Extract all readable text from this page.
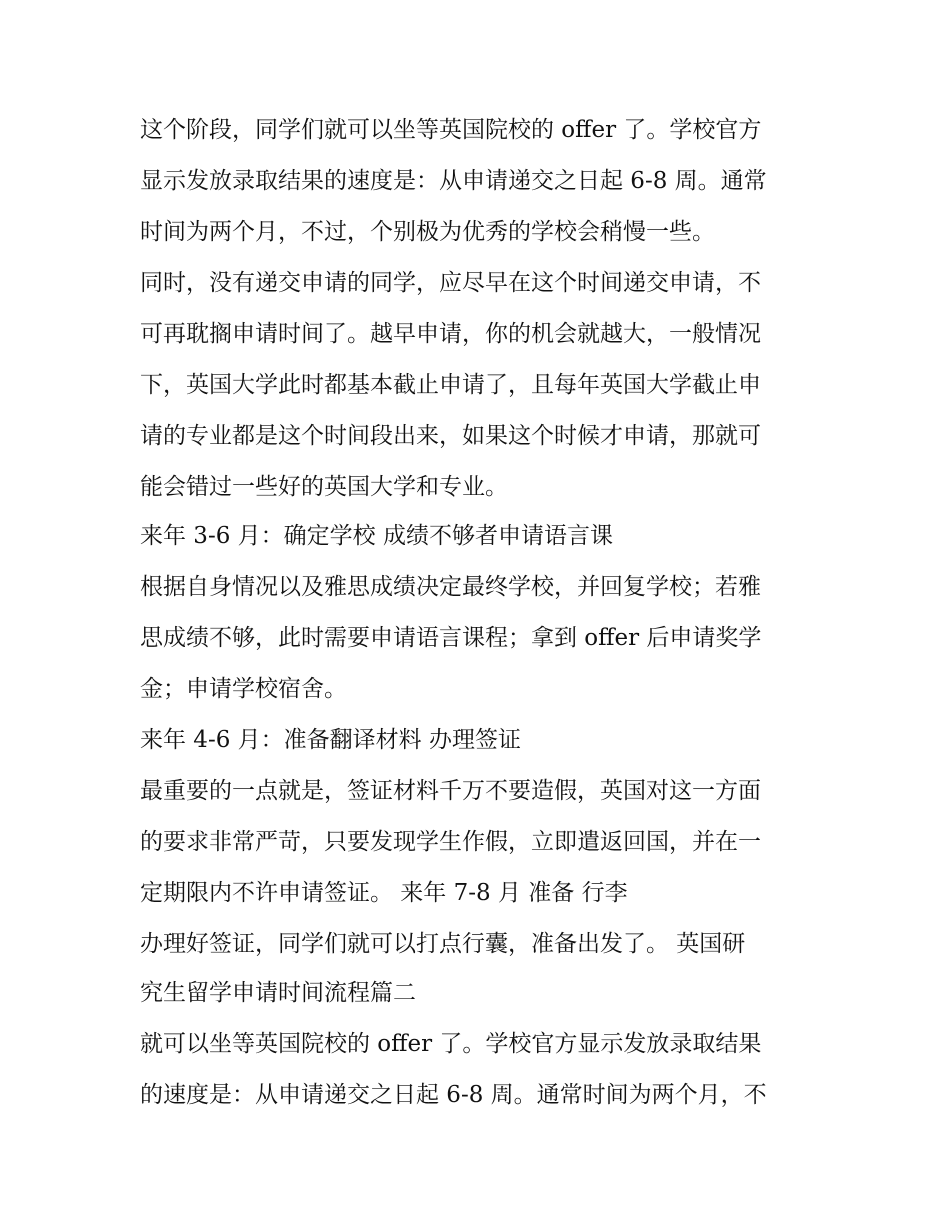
这个阶段，同学们就可以坐等英国院校的 offer 了。学校官方
显示发放录取结果的速度是：从申请递交之日起 6-8 周。通常
时间为两个月，不过，个别极为优秀的学校会稍慢一些。
同时，没有递交申请的同学，应尽早在这个时间递交申请，不
可再耽搁申请时间了。越早申请，你的机会就越大，一般情况
下，英国大学此时都基本截止申请了，且每年英国大学截止申
请的专业都是这个时间段出来，如果这个时候才申请，那就可
能会错过一些好的英国大学和专业。
来年 3-6 月：确定学校 成绩不够者申请语言课
根据自身情况以及雅思成绩决定最终学校，并回复学校；若雅
思成绩不够，此时需要申请语言课程；拿到 offer 后申请奖学
金；申请学校宿舍。
来年 4-6 月：准备翻译材料 办理签证
最重要的一点就是，签证材料千万不要造假，英国对这一方面
的要求非常严苛，只要发现学生作假，立即遣返回国，并在一
定期限内不许申请签证。 来年 7-8 月 准备 行李
办理好签证，同学们就可以打点行囊，准备出发了。 英国研
究生留学申请时间流程篇二
就可以坐等英国院校的 offer 了。学校官方显示发放录取结果
的速度是：从申请递交之日起 6-8 周。通常时间为两个月，不
